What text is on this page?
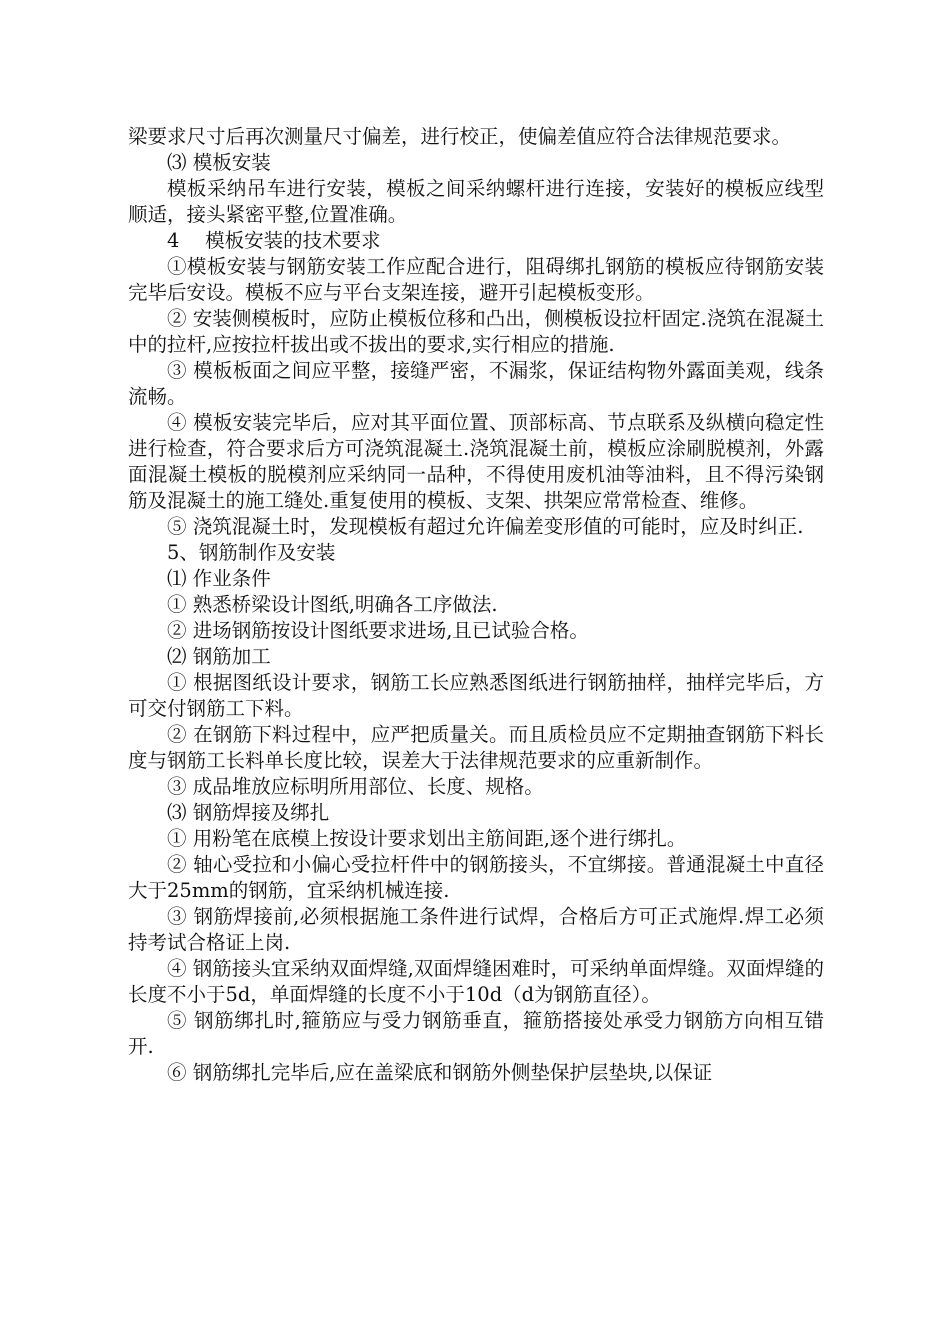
梁要求尺寸后再次测量尺寸偏差，进行校正，使偏差值应符合法律规范要求。

⑶ 模板安装

模板采纳吊车进行安装，模板之间采纳螺杆进行连接，安装好的模板应线型顺适，接头紧密平整,位置准确。

4　 模板安装的技术要求

①模板安装与钢筋安装工作应配合进行，阻碍绑扎钢筋的模板应待钢筋安装完毕后安设。模板不应与平台支架连接，避开引起模板变形。

② 安装侧模板时，应防止模板位移和凸出，侧模板设拉杆固定.浇筑在混凝土中的拉杆,应按拉杆拔出或不拔出的要求,实行相应的措施.

③ 模板板面之间应平整，接缝严密，不漏浆，保证结构物外露面美观，线条流畅。

④ 模板安装完毕后，应对其平面位置、顶部标高、节点联系及纵横向稳定性进行检查，符合要求后方可浇筑混凝土.浇筑混凝土前，模板应涂刷脱模剂，外露面混凝土模板的脱模剂应采纳同一品种，不得使用废机油等油料，且不得污染钢筋及混凝土的施工缝处.重复使用的模板、支架、拱架应常常检查、维修。

⑤ 浇筑混凝土时，发现模板有超过允许偏差变形值的可能时，应及时纠正.

5、钢筋制作及安装

⑴ 作业条件

① 熟悉桥梁设计图纸,明确各工序做法.

② 进场钢筋按设计图纸要求进场,且已试验合格。

⑵ 钢筋加工

① 根据图纸设计要求，钢筋工长应熟悉图纸进行钢筋抽样，抽样完毕后，方可交付钢筋工下料。

② 在钢筋下料过程中，应严把质量关。而且质检员应不定期抽查钢筋下料长度与钢筋工长料单长度比较，误差大于法律规范要求的应重新制作。

③ 成品堆放应标明所用部位、长度、规格。

⑶ 钢筋焊接及绑扎

① 用粉笔在底模上按设计要求划出主筋间距,逐个进行绑扎。

② 轴心受拉和小偏心受拉杆件中的钢筋接头，不宜绑接。普通混凝土中直径大于25mm的钢筋，宜采纳机械连接.

③ 钢筋焊接前,必须根据施工条件进行试焊，合格后方可正式施焊.焊工必须持考试合格证上岗.

④ 钢筋接头宜采纳双面焊缝,双面焊缝困难时，可采纳单面焊缝。双面焊缝的长度不小于5d，单面焊缝的长度不小于10d（d为钢筋直径）。

⑤ 钢筋绑扎时,箍筋应与受力钢筋垂直，箍筋搭接处承受力钢筋方向相互错开.

⑥ 钢筋绑扎完毕后,应在盖梁底和钢筋外侧垫保护层垫块,以保证
